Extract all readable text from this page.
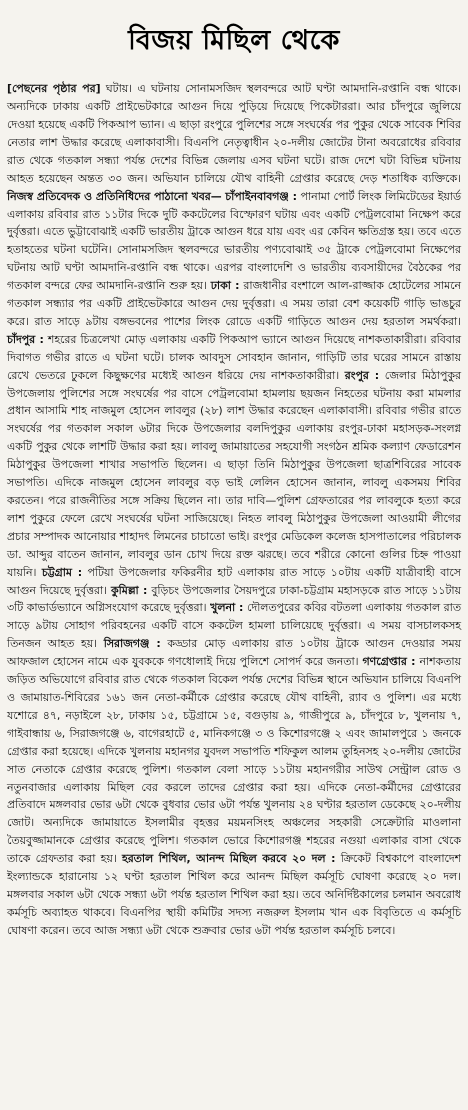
বিজয় মিছিল থেকে

[পেছনের পৃষ্ঠার পর] ঘটায়। এ ঘটনায় সোনামসজিদ স্থলবন্দরে আট ঘণ্টা আমদানি-রপ্তানি বন্ধ থাকে। অন্যদিকে ঢাকায় একটি প্রাইভেটকারে আগুন দিয়ে পুড়িয়ে দিয়েছে পিকেটাররা। আর চাঁদপুরে জুলিয়ে দেওয়া হয়েছে একটি পিকআপ ভ্যান। এ ছাড়া রংপুরে পুলিশের সঙ্গে সংঘর্ষের পর পুকুর থেকে সাবেক শিবির নেতার লাশ উদ্ধার করেছে এলাকাবাসী। বিএনপি নেতৃত্বাধীন ২০-দলীয় জোটের টানা অবরোধের রবিবার রাত থেকে গতকাল সন্ধ্যা পর্যন্ত দেশের বিভিন্ন জেলায় এসব ঘটনা ঘটে। রাজ দেশে ঘটা বিভিন্ন ঘটনায় আহত হয়েছেন অন্তত ৩০ জন। অভিযান চালিয়ে যৌথ বাহিনী গ্রেপ্তার করেছে দেড় শতাধিক ব্যক্তিকে। নিজস্ব প্রতিবেদক ও প্রতিনিধিদের পাঠানো খবর— চাঁপাইনবাবগঞ্জ : পানামা পোর্ট লিংক লিমিটেডের ইয়ার্ড এলাকায় রবিবার রাত ১১টার দিকে দুটি ককটেলের বিস্ফোরণ ঘটায় এবং একটি পেট্রলবোমা নিক্ষেপ করে দুর্বৃত্তরা। এতে ভুট্টাবোঝাই একটি ভারতীয় ট্রাকে আগুন ধরে যায় এবং এর কেবিন ক্ষতিগ্রস্ত হয়। তবে এতে হতাহতের ঘটনা ঘটেনি। সোনামসজিদ স্থলবন্দরে ভারতীয় পণ্যবোঝাই ৩৫ ট্রাকে পেট্রলবোমা নিক্ষেপের ঘটনায় আট ঘণ্টা আমদানি-রপ্তানি বন্ধ থাকে। এরপর বাংলাদেশি ও ভারতীয় ব্যবসায়ীদের বৈঠকের পর গতকাল বন্দরে ফের আমদানি-রপ্তানি শুরু হয়। ঢাকা : রাজধানীর বংশালে আল-রাজ্জাক হোটেলের সামনে গতকাল সন্ধ্যার পর একটি প্রাইভেটকারে আগুন দেয় দুর্বৃত্তরা। এ সময় তারা বেশ কয়েকটি গাড়ি ভাঙচুর করে। রাত সাড়ে ৯টায় বঙ্গভবনের পাশের লিংক রোডে একটি গাড়িতে আগুন দেয় হরতাল সমর্থকরা। চাঁদপুর : শহরের চিত্রলেখা মোড় এলাকায় একটি পিকআপ ভ্যানে আগুন দিয়েছে নাশকতাকারীরা। রবিবার দিবাগত গভীর রাতে এ ঘটনা ঘটে। চালক আবদুস সোবহান জানান, গাড়িটি তার ঘরের সামনে রাস্তায় রেখে ভেতরে ঢুকলে কিছুক্ষণের মধ্যেই আগুন ধরিয়ে দেয় নাশকতাকারীরা। রংপুর : জেলার মিঠাপুকুর উপজেলায় পুলিশের সঙ্গে সংঘর্ষের পর বাসে পেট্রলবোমা হামলায় ছয়জন নিহতের ঘটনায় করা মামলার প্রধান আসামি শাহ নাজমুল হোসেন লাবলুর (২৮) লাশ উদ্ধার করেছেন এলাকাবাসী। রবিবার গভীর রাতে সংঘর্ষের পর গতকাল সকাল ৬টার দিকে উপজেলার বলদিপুকুর এলাকায় রংপুর-ঢাকা মহাসড়ক-সংলগ্ন একটি পুকুর থেকে লাশটি উদ্ধার করা হয়। লাবলু জামায়াতের সহযোগী সংগঠন শ্রমিক কল্যাণ ফেডারেশন মিঠাপুকুর উপজেলা শাখার সভাপতি ছিলেন। এ ছাড়া তিনি মিঠাপুকুর উপজেলা ছাত্রশিবিরের সাবেক সভাপতি। এদিকে নাজমুল হোসেন লাবলুর বড় ভাই লেলিন হোসেন জানান, লাবলু একসময় শিবির করতেন। পরে রাজনীতির সঙ্গে সক্রিয় ছিলেন না। তার দাবি—পুলিশ গ্রেফতারের পর লাবলুকে হত্যা করে লাশ পুকুরে ফেলে রেখে সংঘর্ষের ঘটনা সাজিয়েছে। নিহত লাবলু মিঠাপুকুর উপজেলা আওয়ামী লীগের প্রচার সম্পাদক আনোয়ার শাহাদৎ লিমনের চাচাতো ভাই। রংপুর মেডিকেল কলেজ হাসপাতালের পরিচালক ডা. আব্দুর বাতেন জানান, লাবলুর ডান চোখ দিয়ে রক্ত ঝরছে। তবে শরীরে কোনো গুলির চিহ্ন পাওয়া যায়নি। চট্টগ্রাম : পটিয়া উপজেলার ফকিরনীর হাট এলাকায় রাত সাড়ে ১০টায় একটি যাত্রীবাহী বাসে আগুন দিয়েছে দুর্বৃত্তরা। কুমিল্লা : বুড়িচং উপজেলার সৈয়দপুরে ঢাকা-চট্টগ্রাম মহাসড়কে রাত সাড়ে ১১টায় ৩টি কাভার্ডভ্যানে অগ্নিসংযোগ করেছে দুর্বৃত্তরা। খুলনা : দৌলতপুরের কবির বটতলা এলাকায় গতকাল রাত সাড়ে ৯টায় সোহাগ পরিবহনের একটি বাসে ককটেল হামলা চালিয়েছে দুর্বৃত্তরা। এ সময় বাসচালকসহ তিনজন আহত হয়। সিরাজগঞ্জ : কড্ডার মোড় এলাকায় রাত ১০টায় ট্রাকে আগুন দেওয়ার সময় আফজাল হোসেন নামে এক যুবককে গণধোলাই দিয়ে পুলিশে সোপর্দ করে জনতা। গণগ্রেপ্তার : নাশকতায় জড়িত অভিযোগে রবিবার রাত থেকে গতকাল বিকেল পর্যন্ত দেশের বিভিন্ন স্থানে অভিযান চালিয়ে বিএনপি ও জামায়াত-শিবিরের ১৬১ জন নেতা-কর্মীকে গ্রেপ্তার করেছে যৌথ বাহিনী, র‍্যাব ও পুলিশ। এর মধ্যে যশোরে ৪৭, নড়াইলে ২৮, ঢাকায় ১৫, চট্টগ্রামে ১৫, বগুড়ায় ৯, গাজীপুরে ৯, চাঁদপুরে ৮, খুলনায় ৭, গাইবান্ধায় ৬, সিরাজগঞ্জে ৬, বাগেরহাটে ৫, মানিকগঞ্জে ৩ ও কিশোরগঞ্জে ২ এবং জামালপুরে ১ জনকে গ্রেপ্তার করা হয়েছে। এদিকে খুলনায় মহানগর যুবদল সভাপতি শফিকুল আলম তুহিনসহ ২০-দলীয় জোটের সাত নেতাকে গ্রেপ্তার করেছে পুলিশ। গতকাল বেলা সাড়ে ১১টায় মহানগরীর সাউথ সেন্ট্রাল রোড ও নতুনবাজার এলাকায় মিছিল বের করলে তাদের গ্রেপ্তার করা হয়। এদিকে নেতা-কর্মীদের গ্রেপ্তারের প্রতিবাদে মঙ্গলবার ভোর ৬টা থেকে বুধবার ভোর ৬টা পর্যন্ত খুলনায় ২৪ ঘণ্টার হরতাল ডেকেছে ২০-দলীয় জোট। অন্যদিকে জামায়াতে ইসলামীর বৃহত্তর ময়মনসিংহ অঞ্চলের সহকারী সেক্রেটারি মাওলানা তৈয়বুজ্জামানকে গ্রেপ্তার করেছে পুলিশ। গতকাল ভোরে কিশোরগঞ্জ শহরের নগুয়া এলাকার বাসা থেকে তাকে গ্রেফতার করা হয়। হরতাল শিথিল, আনন্দ মিছিল করবে ২০ দল : ক্রিকেট বিশ্বকাপে বাংলাদেশ ইংল্যান্ডকে হারানোয় ১২ ঘণ্টা হরতাল শিথিল করে আনন্দ মিছিল কর্মসূচি ঘোষণা করেছে ২০ দল। মঙ্গলবার সকাল ৬টা থেকে সন্ধ্যা ৬টা পর্যন্ত হরতাল শিথিল করা হয়। তবে অনির্দিষ্টকালের চলমান অবরোধ কর্মসূচি অব্যাহত থাকবে। বিএনপির স্থায়ী কমিটির সদস্য নজরুল ইসলাম খান এক বিবৃতিতে এ কর্মসূচি ঘোষণা করেন। তবে আজ সন্ধ্যা ৬টা থেকে শুক্রবার ভোর ৬টা পর্যন্ত হরতাল কর্মসূচি চলবে।
